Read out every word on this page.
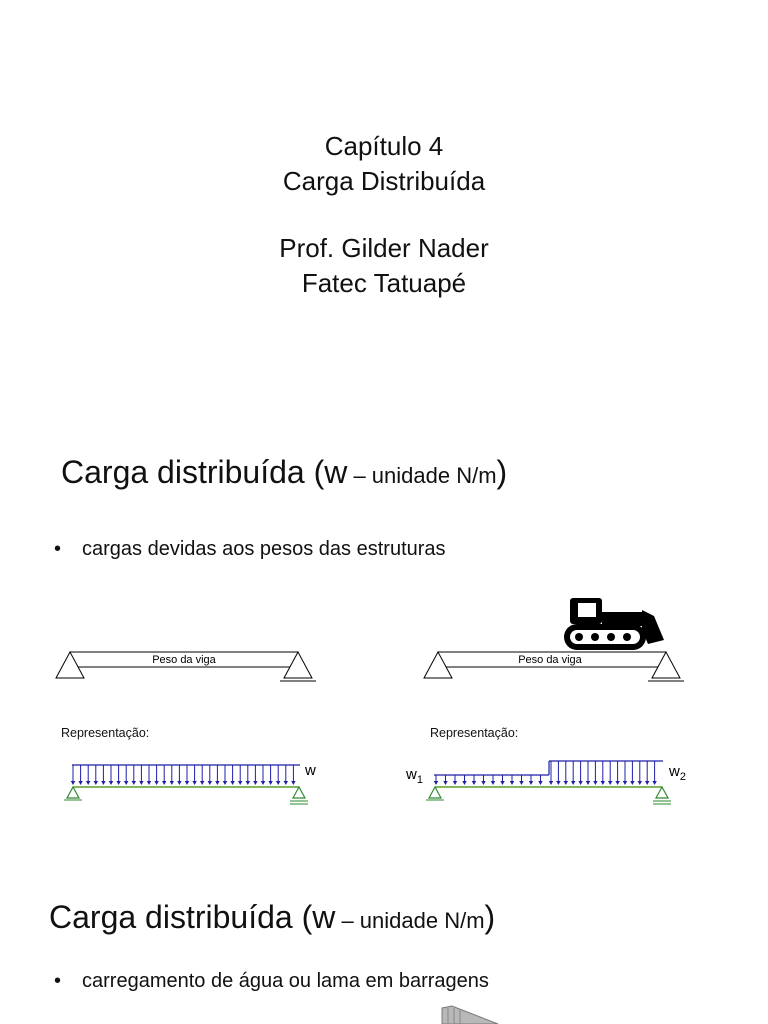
Capítulo 4
Carga Distribuída
Prof. Gilder Nader
Fatec Tatuapé
Carga distribuída (w – unidade N/m)
• cargas devidas aos pesos das estruturas
Peso da viga	Peso da viga
Representação:	Representação:
w	$w_1$	$w_2$
Carga distribuída (w – unidade N/m)
• carregamento de água ou lama em barragens
